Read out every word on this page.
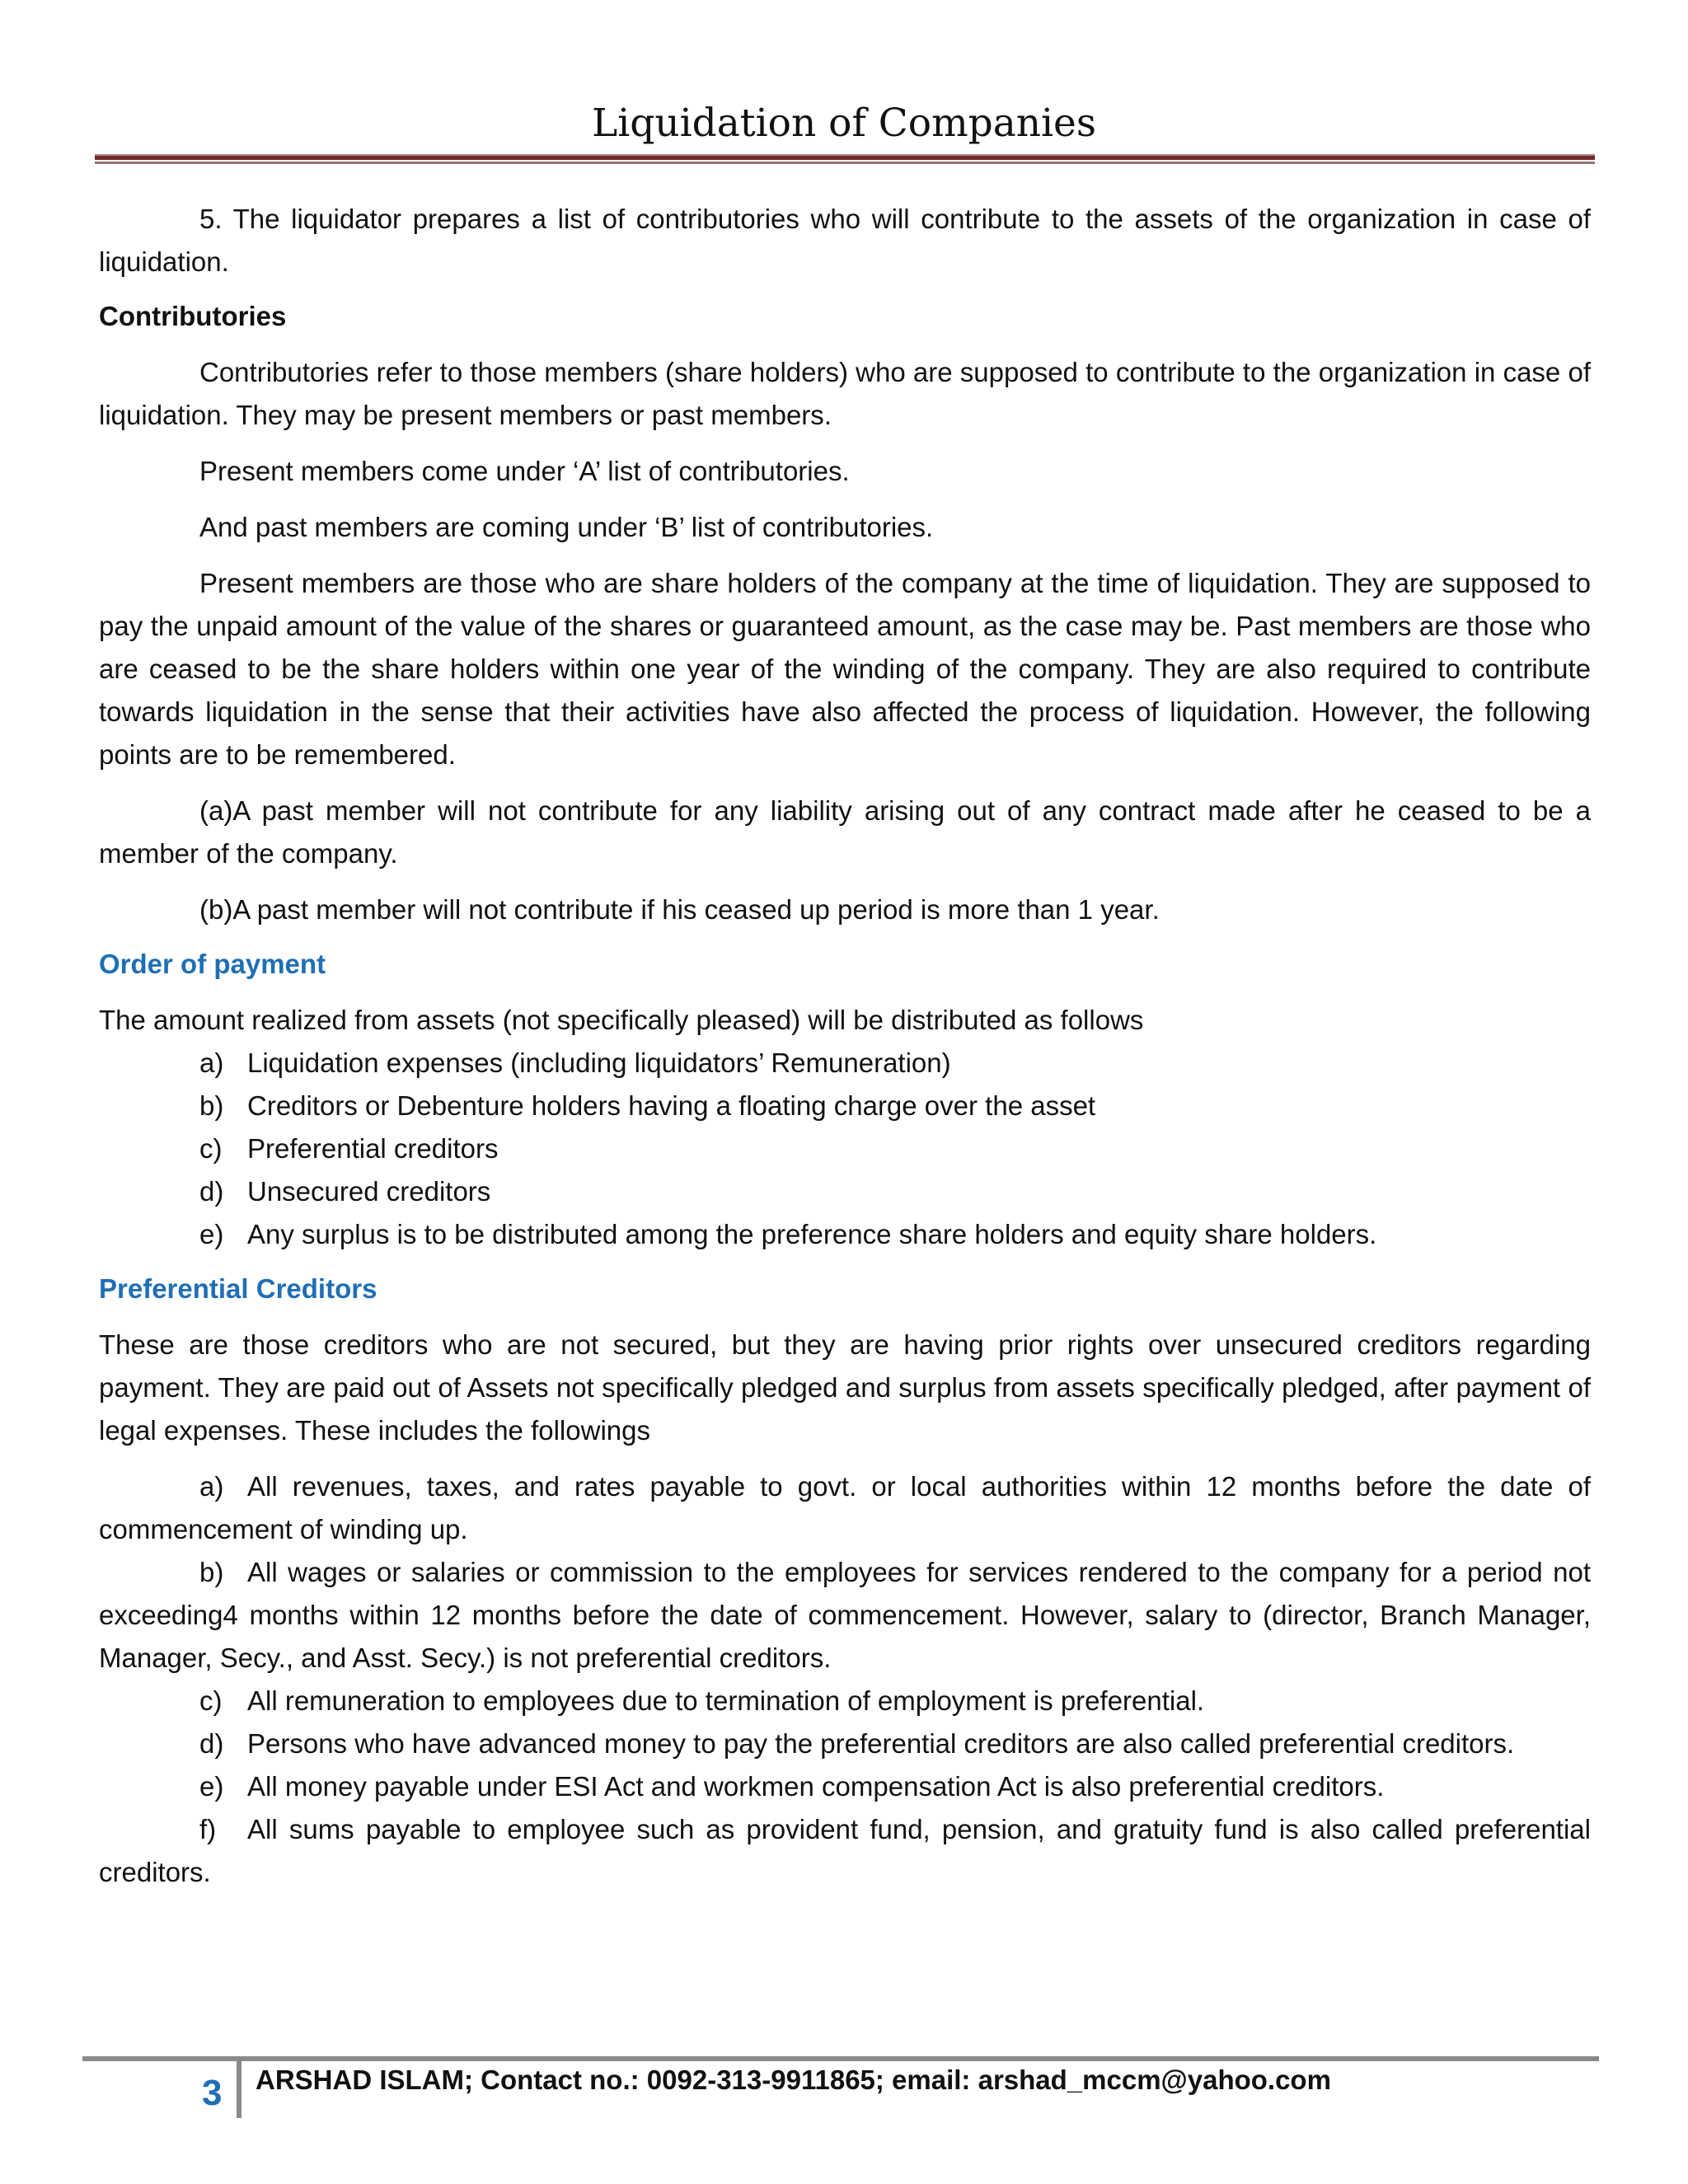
Liquidation of Companies

5. The liquidator prepares a list of contributories who will contribute to the assets of the organization in case of liquidation.

Contributories

Contributories refer to those members (share holders) who are supposed to contribute to the organization in case of liquidation. They may be present members or past members.

Present members come under ‘A’ list of contributories.

And past members are coming under ‘B’ list of contributories.

Present members are those who are share holders of the company at the time of liquidation. They are supposed to pay the unpaid amount of the value of the shares or guaranteed amount, as the case may be. Past members are those who are ceased to be the share holders within one year of the winding of the company. They are also required to contribute towards liquidation in the sense that their activities have also affected the process of liquidation. However, the following points are to be remembered.

(a)A past member will not contribute for any liability arising out of any contract made after he ceased to be a member of the company.

(b)A past member will not contribute if his ceased up period is more than 1 year.

Order of payment

The amount realized from assets (not specifically pleased) will be distributed as follows

a) Liquidation expenses (including liquidators’ Remuneration)
b) Creditors or Debenture holders having a floating charge over the asset
c) Preferential creditors
d) Unsecured creditors
e) Any surplus is to be distributed among the preference share holders and equity share holders.

Preferential Creditors

These are those creditors who are not secured, but they are having prior rights over unsecured creditors regarding payment. They are paid out of Assets not specifically pledged and surplus from assets specifically pledged, after payment of legal expenses. These includes the followings

a) All revenues, taxes, and rates payable to govt. or local authorities within 12 months before the date of commencement of winding up.

b) All wages or salaries or commission to the employees for services rendered to the company for a period not exceeding4 months within 12 months before the date of commencement. However, salary to (director, Branch Manager, Manager, Secy., and Asst. Secy.) is not preferential creditors.

c) All remuneration to employees due to termination of employment is preferential.

d) Persons who have advanced money to pay the preferential creditors are also called preferential creditors.

e) All money payable under ESI Act and workmen compensation Act is also preferential creditors.

f) All sums payable to employee such as provident fund, pension, and gratuity fund is also called preferential creditors.

3 ARSHAD ISLAM; Contact no.: 0092-313-9911865; email: arshad_mccm@yahoo.com
